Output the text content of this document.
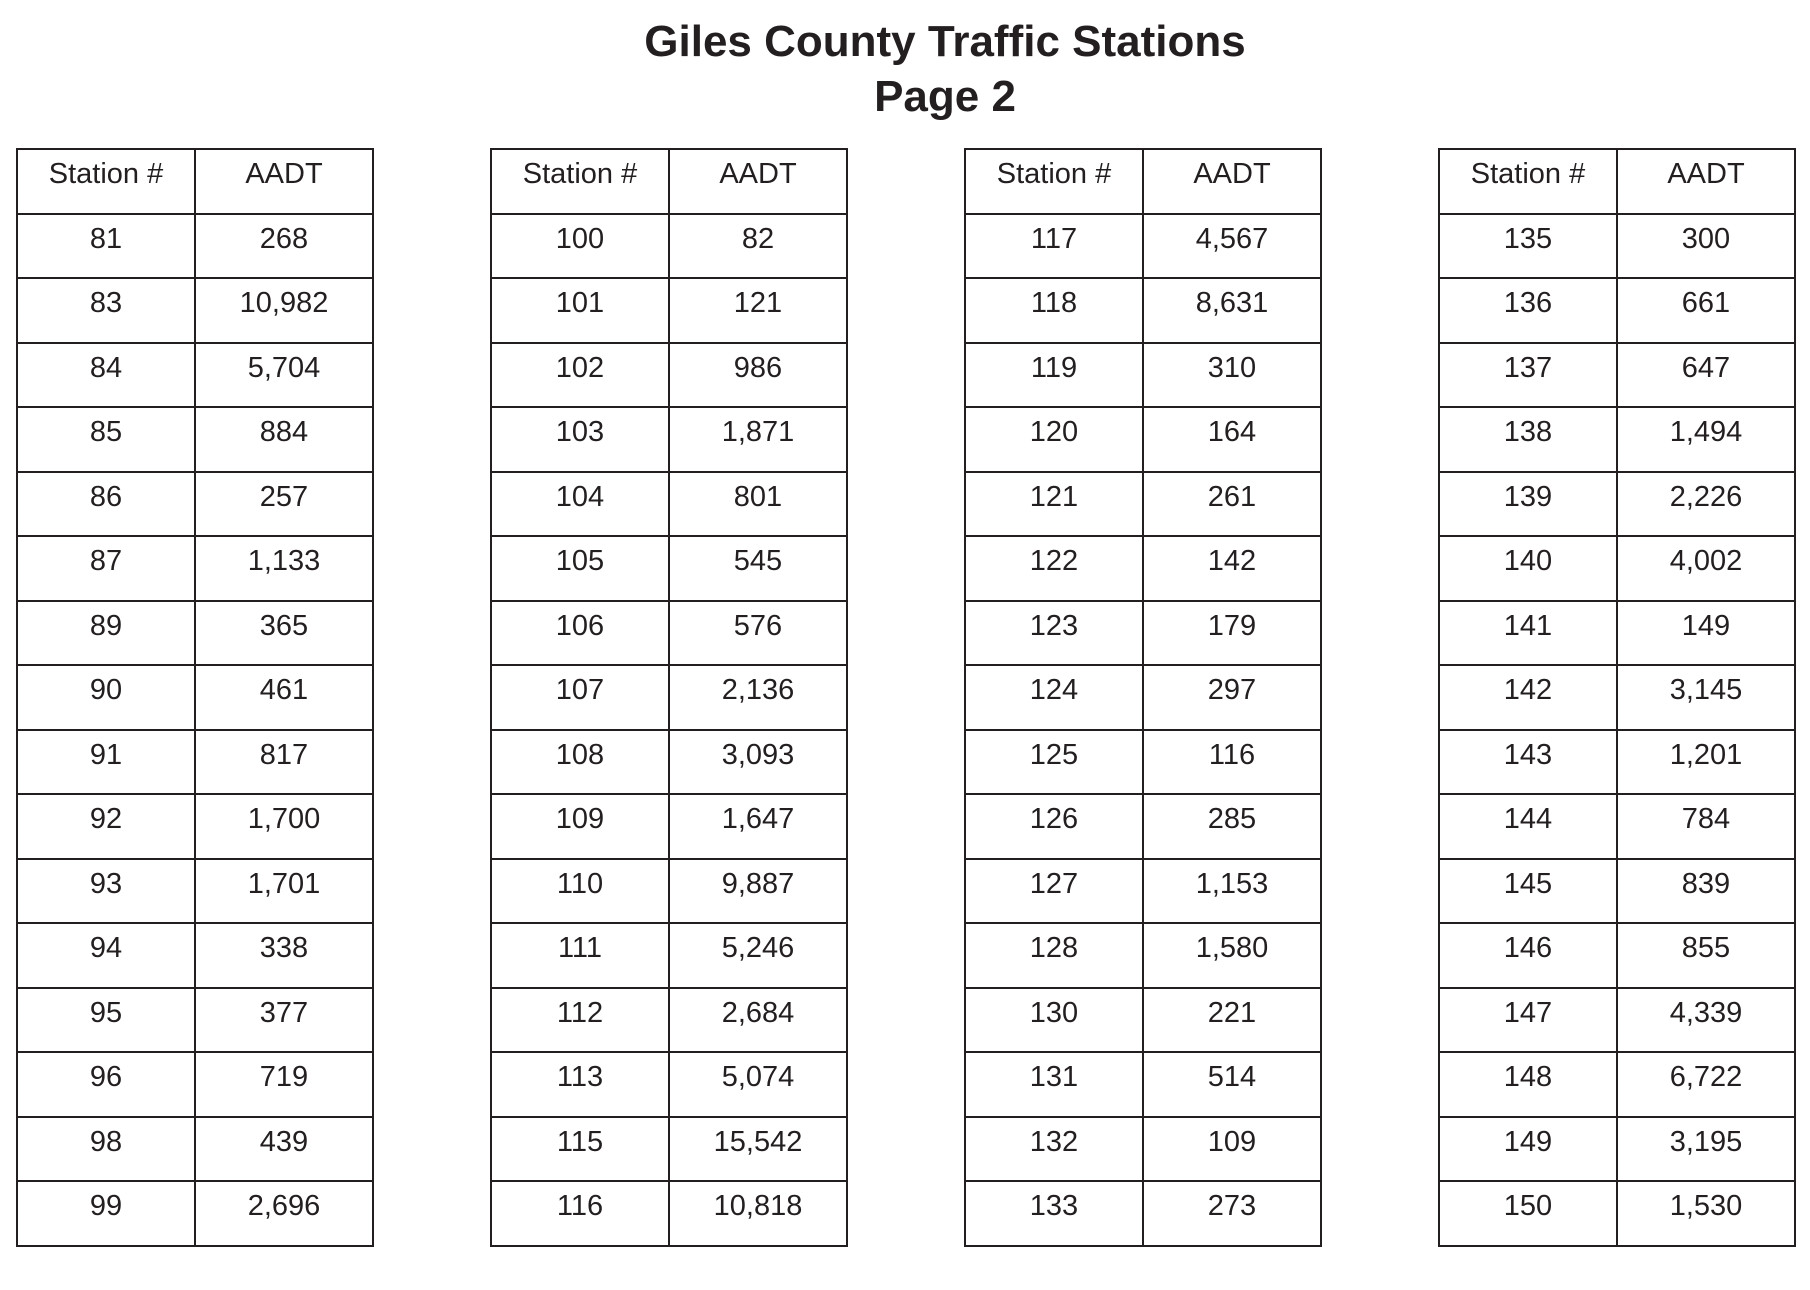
Giles County Traffic Stations
Page 2
Station #	AADT

81	268

83	10,982

84	5,704

85	884

86	257

87	1,133

89	365

90	461

91	817

92	1,700

93	1,701

94	338

95	377

96	719

98	439

99	2,696
Station #	AADT

100	82

101	121

102	986

103	1,871

104	801

105	545

106	576

107	2,136

108	3,093

109	1,647

110	9,887

111	5,246

112	2,684

113	5,074

115	15,542

116	10,818
Station #	AADT

117	4,567

118	8,631

119	310

120	164

121	261

122	142

123	179

124	297

125	116

126	285

127	1,153

128	1,580

130	221

131	514

132	109

133	273
Station #	AADT

135	300

136	661

137	647

138	1,494

139	2,226

140	4,002

141	149

142	3,145

143	1,201

144	784

145	839

146	855

147	4,339

148	6,722

149	3,195

150	1,530
